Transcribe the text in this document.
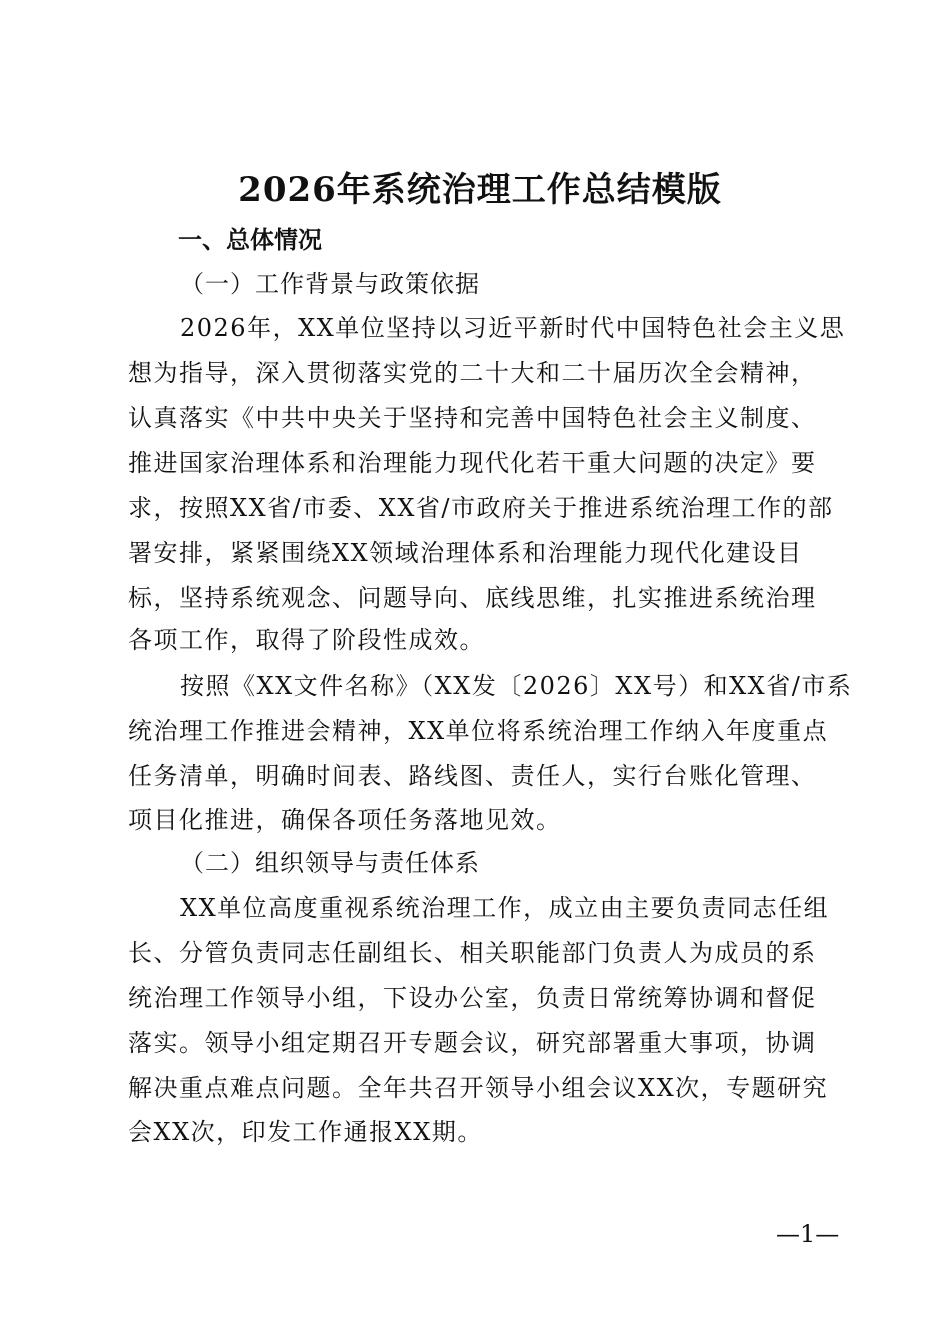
2026年系统治理工作总结模版
一、总体情况
（一）工作背景与政策依据
2026年，XX单位坚持以习近平新时代中国特色社会主义思
想为指导，深入贯彻落实党的二十大和二十届历次全会精神，
认真落实《中共中央关于坚持和完善中国特色社会主义制度、
推进国家治理体系和治理能力现代化若干重大问题的决定》要
求，按照XX省/市委、XX省/市政府关于推进系统治理工作的部
署安排，紧紧围绕XX领域治理体系和治理能力现代化建设目
标，坚持系统观念、问题导向、底线思维，扎实推进系统治理
各项工作，取得了阶段性成效。
按照《XX文件名称》（XX发〔2026〕XX号）和XX省/市系
统治理工作推进会精神，XX单位将系统治理工作纳入年度重点
任务清单，明确时间表、路线图、责任人，实行台账化管理、
项目化推进，确保各项任务落地见效。
（二）组织领导与责任体系
XX单位高度重视系统治理工作，成立由主要负责同志任组
长、分管负责同志任副组长、相关职能部门负责人为成员的系
统治理工作领导小组，下设办公室，负责日常统筹协调和督促
落实。领导小组定期召开专题会议，研究部署重大事项，协调
解决重点难点问题。全年共召开领导小组会议XX次，专题研究
会XX次，印发工作通报XX期。
—1—
